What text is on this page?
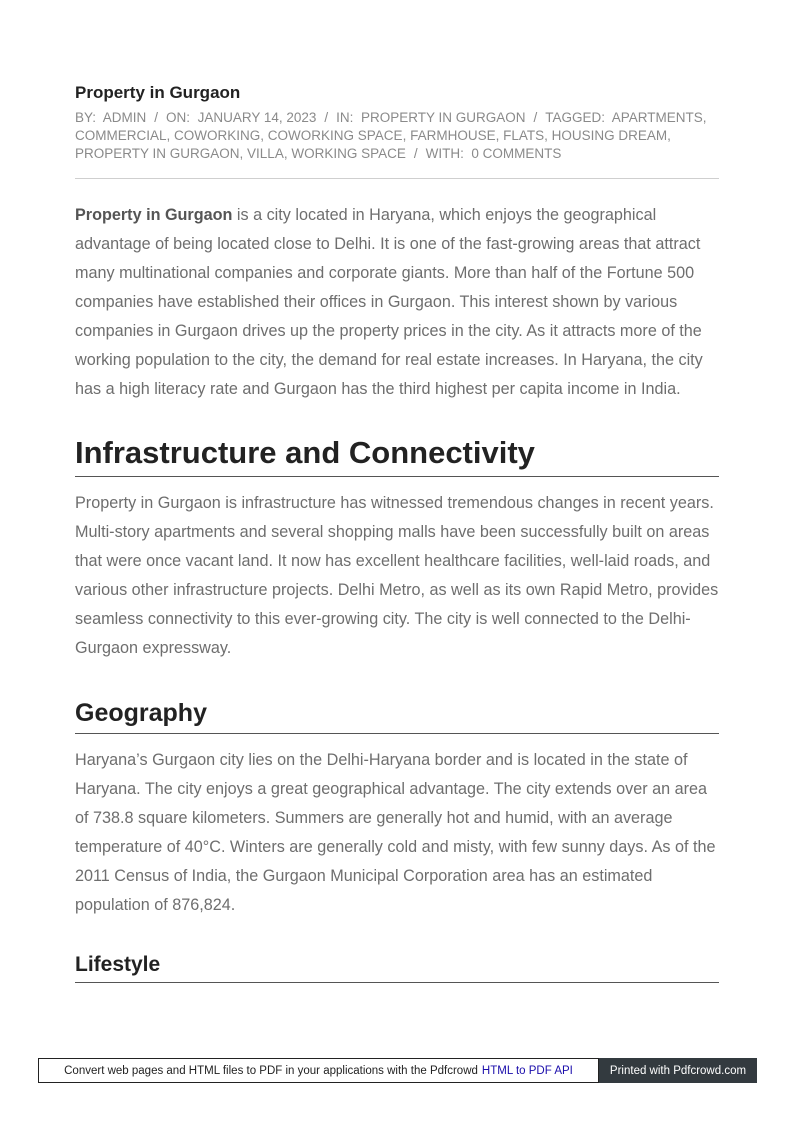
Property in Gurgaon
BY: ADMIN / ON: JANUARY 14, 2023 / IN: PROPERTY IN GURGAON / TAGGED: APARTMENTS, COMMERCIAL, COWORKING, COWORKING SPACE, FARMHOUSE, FLATS, HOUSING DREAM, PROPERTY IN GURGAON, VILLA, WORKING SPACE / WITH: 0 COMMENTS

Property in Gurgaon is a city located in Haryana, which enjoys the geographical advantage of being located close to Delhi. It is one of the fast-growing areas that attract many multinational companies and corporate giants. More than half of the Fortune 500 companies have established their offices in Gurgaon. This interest shown by various companies in Gurgaon drives up the property prices in the city. As it attracts more of the working population to the city, the demand for real estate increases. In Haryana, the city has a high literacy rate and Gurgaon has the third highest per capita income in India.

Infrastructure and Connectivity

Property in Gurgaon is infrastructure has witnessed tremendous changes in recent years. Multi-story apartments and several shopping malls have been successfully built on areas that were once vacant land. It now has excellent healthcare facilities, well-laid roads, and various other infrastructure projects. Delhi Metro, as well as its own Rapid Metro, provides seamless connectivity to this ever-growing city. The city is well connected to the Delhi-Gurgaon expressway.

Geography

Haryana’s Gurgaon city lies on the Delhi-Haryana border and is located in the state of Haryana. The city enjoys a great geographical advantage. The city extends over an area of 738.8 square kilometers. Summers are generally hot and humid, with an average temperature of 40°C. Winters are generally cold and misty, with few sunny days. As of the 2011 Census of India, the Gurgaon Municipal Corporation area has an estimated population of 876,824.

Lifestyle
Convert web pages and HTML files to PDF in your applications with the Pdfcrowd HTML to PDF API	Printed with Pdfcrowd.com
